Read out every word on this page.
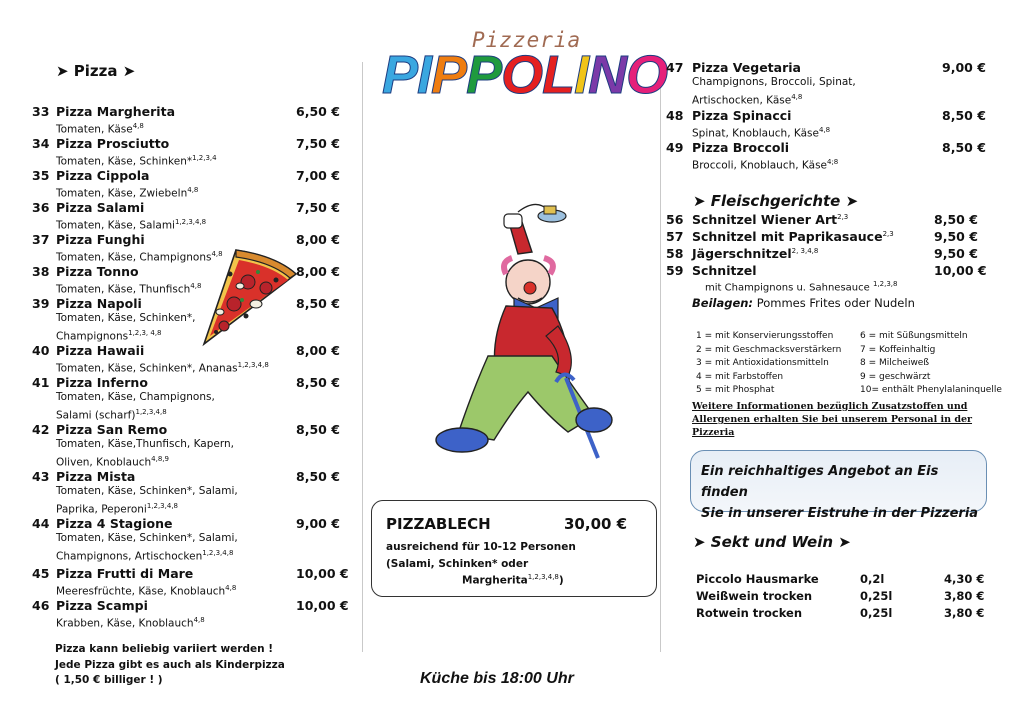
Pizzeria
PIPPOLINO
➤ Pizza ➤
33 Pizza Margherita	6,50 €
Tomaten, Käse$^{4,8}$
34 Pizza Prosciutto	7,50 €
Tomaten, Käse, Schinken*$^{1,2,3,4}$
35 Pizza Cippola	7,00 €
Tomaten, Käse, Zwiebeln$^{4,8}$
36 Pizza Salami	7,50 €
Tomaten, Käse, Salami$^{1,2,3,4,8}$
37 Pizza Funghi	8,00 €
Tomaten, Käse, Champignons$^{4,8}$
38 Pizza Tonno	8,00 €
Tomaten, Käse, Thunfisch$^{4,8}$
39 Pizza Napoli	8,50 €
Tomaten, Käse, Schinken*,
Champignons$^{1,2,3, 4,8}$
40 Pizza Hawaii	8,00 €
Tomaten, Käse, Schinken*, Ananas$^{1,2,3,4,8}$
41 Pizza Inferno	8,50 €
Tomaten, Käse, Champignons,
Salami (scharf)$^{1,2,3,4,8}$
42 Pizza San Remo	8,50 €
Tomaten, Käse,Thunfisch, Kapern,
Oliven, Knoblauch$^{4,8,9}$
43 Pizza Mista	8,50 €
Tomaten, Käse, Schinken*, Salami,
Paprika, Peperoni$^{1,2,3,4,8}$
44 Pizza 4 Stagione	9,00 €
Tomaten, Käse, Schinken*, Salami,
Champignons, Artischocken$^{1,2,3,4,8}$
45 Pizza Frutti di Mare	10,00 €
Meeresfrüchte, Käse, Knoblauch$^{4,8}$
46 Pizza Scampi	10,00 €
Krabben, Käse, Knoblauch$^{4,8}$
Pizza kann beliebig variiert werden !
Jede Pizza gibt es auch als Kinderpizza
( 1,50 € billiger ! )
PIZZABLECH	30,00 €
ausreichend für 10-12 Personen
(Salami, Schinken* oder
Margherita$^{1,2,3,4,8}$)
Küche bis 18:00 Uhr
47 Pizza Vegetaria	9,00 €
Champignons, Broccoli, Spinat,
Artischocken, Käse$^{4,8}$
48 Pizza Spinacci	8,50 €
Spinat, Knoblauch, Käse$^{4,8}$
49 Pizza Broccoli	8,50 €
Broccoli, Knoblauch, Käse$^{4;8}$
➤ Fleischgerichte ➤
56 Schnitzel Wiener Art$^{2,3}$	8,50 €
57 Schnitzel mit Paprikasauce$^{2,3}$	9,50 €
58 Jägerschnitzel$^{2, 3,4,8}$	9,50 €
59 Schnitzel	10,00 €
mit Champignons u. Sahnesauce $^{1,2,3,8}$
Beilagen: Pommes Frites oder Nudeln
1 = mit Konservierungsstoffen
2 = mit Geschmacksverstärkern
3 = mit Antioxidationsmitteln
4 = mit Farbstoffen
5 = mit Phosphat
6 = mit Süßungsmitteln
7 = Koffeinhaltig
8 = Milcheiweß
9 = geschwärzt
10= enthält Phenylalaninquelle
Weitere Informationen bezüglich Zusatzstoffen und Allergenen erhalten Sie bei unserem Personal in der Pizzeria
Ein reichhaltiges Angebot an Eis finden
Sie in unserer Eistruhe in der Pizzeria
➤ Sekt und Wein ➤
Piccolo Hausmarke	0,2l	4,30 €
Weißwein trocken	0,25l	3,80 €
Rotwein trocken	0,25l	3,80 €
